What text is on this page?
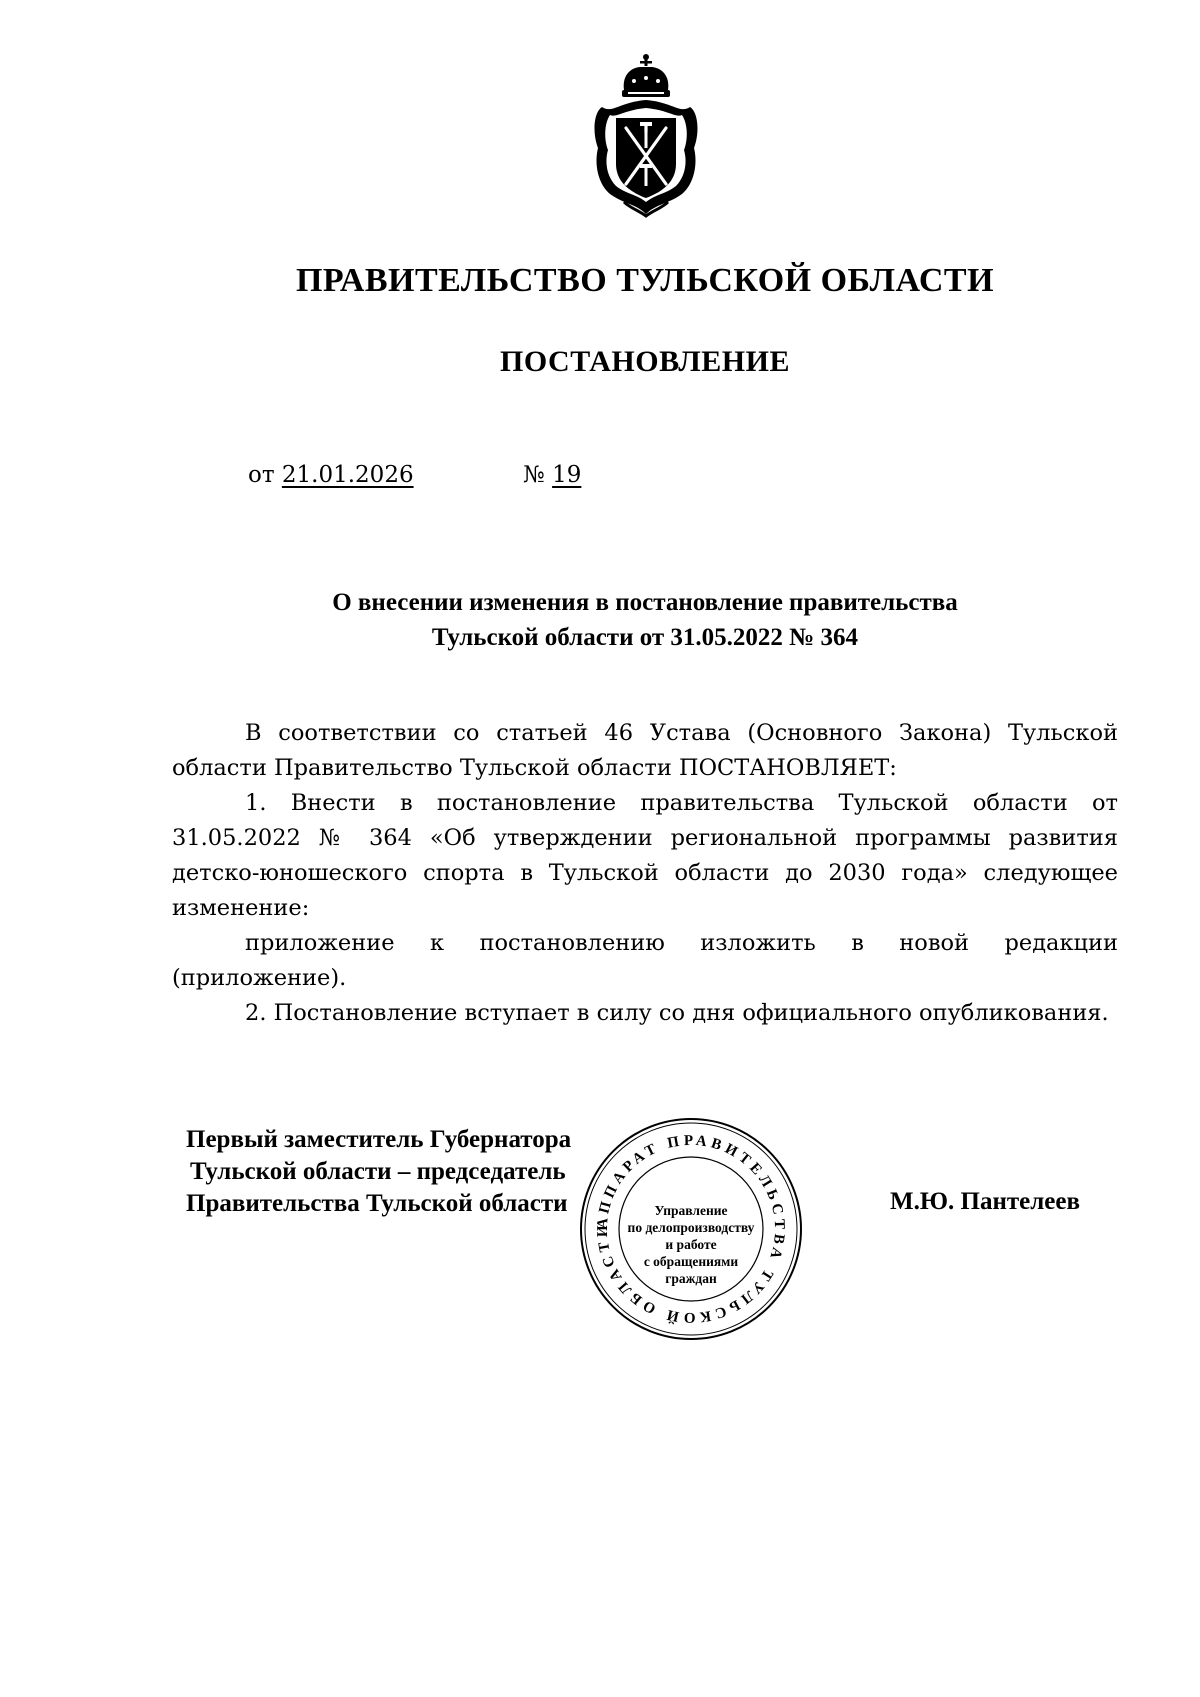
ПРАВИТЕЛЬСТВО ТУЛЬСКОЙ ОБЛАСТИ
ПОСТАНОВЛЕНИЕ
от 21.01.2026	№ 19
О внесении изменения в постановление правительства
Тульской области от 31.05.2022 № 364

В соответствии со статьей 46 Устава (Основного Закона) Тульской области Правительство Тульской области ПОСТАНОВЛЯЕТ:

1. Внести в постановление правительства Тульской области от 31.05.2022 № 364 «Об утверждении региональной программы развития детско-юношеского спорта в Тульской области до 2030 года» следующее изменение:

приложение к постановлению изложить в новой редакции (приложение).

2. Постановление вступает в силу со дня официального опубликования.

Первый заместитель Губернатора
Тульской области – председатель
Правительства Тульской области
АППАРАТ ПРАВИТЕЛЬСТВА ТУЛЬСКОЙ ОБЛАСТИ
Управление
по делопроизводству
и работе
с обращениями
граждан
М.Ю. Пантелеев
